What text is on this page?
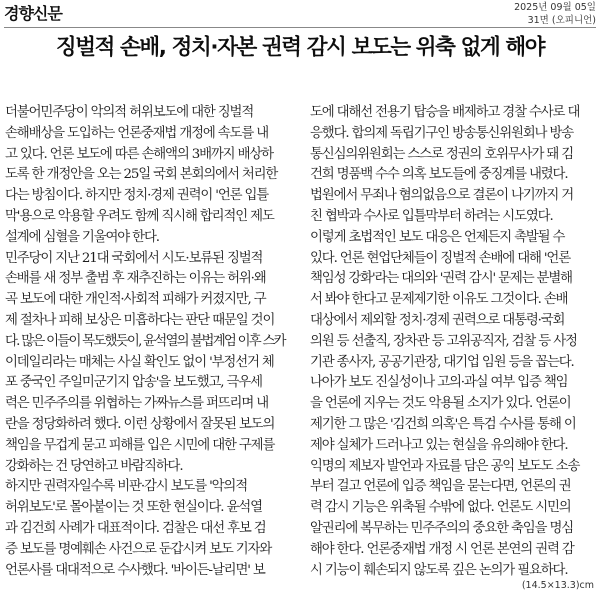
경향신문	2025년 09월 05일
31면 (오피니언)
징벌적 손배, 정치·자본 권력 감시 보도는 위축 없게 해야
더불어민주당이 악의적 허위보도에 대한 징벌적
손해배상을 도입하는 언론중재법 개정에 속도를 내
고 있다. 언론 보도에 따른 손해액의 3배까지 배상하
도록 한 개정안을 오는 25일 국회 본회의에서 처리한
다는 방침이다. 하지만 정치·경제 권력이 '언론 입틀
막'용으로 악용할 우려도 함께 직시해 합리적인 제도
설계에 심혈을 기울여야 한다.
민주당이 지난 21대 국회에서 시도·보류된 징벌적
손배를 새 정부 출범 후 재추진하는 이유는 허위·왜
곡 보도에 대한 개인적·사회적 피해가 커졌지만, 구
제 절차나 피해 보상은 미흡하다는 판단 때문일 것이
다. 많은 이들이 목도했듯이, 윤석열의 불법계엄 이후 스카
이데일리라는 매체는 사실 확인도 없이 '부정선거 체
포 중국인 주일미군기지 압송'을 보도했고, 극우세
력은 민주주의를 위협하는 가짜뉴스를 퍼뜨리며 내
란을 정당화하려 했다. 이런 상황에서 잘못된 보도의
책임을 무겁게 묻고 피해를 입은 시민에 대한 구제를
강화하는 건 당연하고 바람직하다.
하지만 권력자일수록 비판·감시 보도를 '악의적
허위보도'로 몰아붙이는 것 또한 현실이다. 윤석열
과 김건희 사례가 대표적이다. 검찰은 대선 후보 검
증 보도를 명예훼손 사건으로 둔갑시켜 보도 기자와
언론사를 대대적으로 수사했다. '바이든-날리면' 보
도에 대해선 전용기 탑승을 배제하고 경찰 수사로 대
응했다. 합의제 독립기구인 방송통신위원회나 방송
통신심의위원회는 스스로 정권의 호위무사가 돼 김
건희 명품백 수수 의혹 보도들에 중징계를 내렸다.
법원에서 무죄나 혐의없음으로 결론이 나기까지 거
친 협박과 수사로 입틀막부터 하려는 시도였다.
이렇게 초법적인 보도 대응은 언제든지 촉발될 수
있다. 언론 현업단체들이 징벌적 손배에 대해 '언론
책임성 강화'라는 대의와 '권력 감시' 문제는 분별해
서 봐야 한다고 문제제기한 이유도 그것이다. 손배
대상에서 제외할 정치·경제 권력으로 대통령·국회
의원 등 선출직, 장차관 등 고위공직자, 검찰 등 사정
기관 종사자, 공공기관장, 대기업 임원 등을 꼽는다.
나아가 보도 진실성이나 고의·과실 여부 입증 책임
을 언론에 지우는 것도 악용될 소지가 있다. 언론이
제기한 그 많은 '김건희 의혹'은 특검 수사를 통해 이
제야 실체가 드러나고 있는 현실을 유의해야 한다.
익명의 제보자 발언과 자료를 담은 공익 보도도 소송
부터 걸고 언론에 입증 책임을 묻는다면, 언론의 권
력 감시 기능은 위축될 수밖에 없다. 언론도 시민의
알권리에 복무하는 민주주의의 중요한 축임을 명심
해야 한다. 언론중재법 개정 시 언론 본연의 권력 감
시 기능이 훼손되지 않도록 깊은 논의가 필요하다.
(14.5×13.3)cm
